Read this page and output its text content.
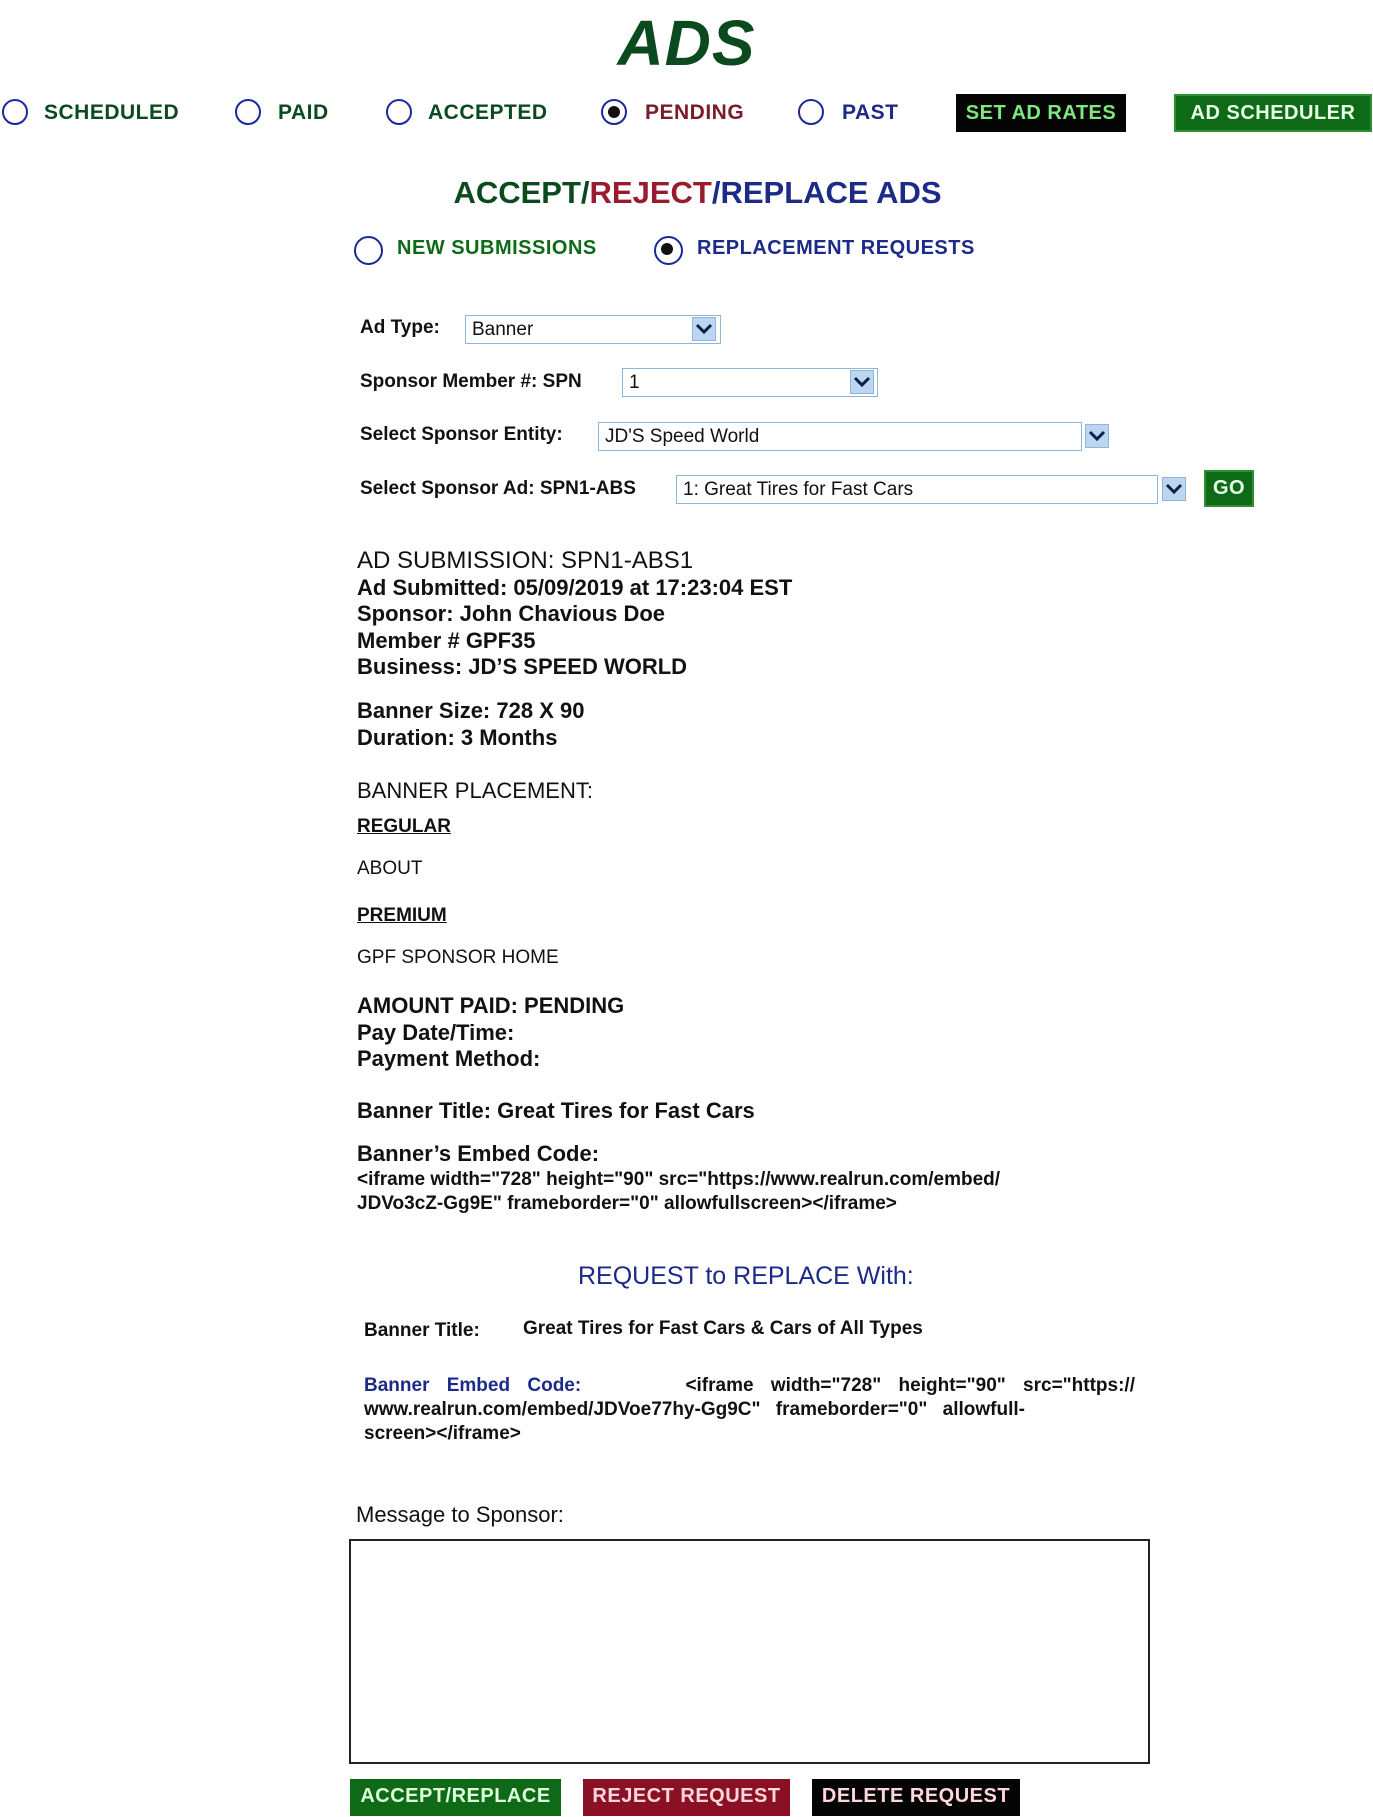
ADS
SCHEDULED	PAID	ACCEPTED	PENDING	PAST	SET AD RATES	AD SCHEDULER
ACCEPT/REJECT/REPLACE ADS
NEW SUBMISSIONS	REPLACEMENT REQUESTS
Ad Type:	Banner
Sponsor Member #: SPN	1
Select Sponsor Entity:	JD'S Speed World
Select Sponsor Ad: SPN1-ABS	1: Great Tires for Fast Cars	GO
AD SUBMISSION: SPN1-ABS1
Ad Submitted: 05/09/2019 at 17:23:04 EST
Sponsor: John Chavious Doe
Member # GPF35
Business: JD’S SPEED WORLD
Banner Size: 728 X 90
Duration: 3 Months
BANNER PLACEMENT:
REGULAR
ABOUT
PREMIUM
GPF SPONSOR HOME
AMOUNT PAID: PENDING
Pay Date/Time:
Payment Method:
Banner Title: Great Tires for Fast Cars
Banner’s Embed Code:
<iframe width="728" height="90" src="https://www.realrun.com/embed/
JDVo3cZ-Gg9E" frameborder="0" allowfullscreen></iframe>
REQUEST to REPLACE With:
Banner Title: Great Tires for Fast Cars & Cars of All Types
Banner Embed Code:	<iframe width="728" height="90" src="https://
www.realrun.com/embed/JDVoe77hy-Gg9C" frameborder="0" allowfull-
screen></iframe>
Message to Sponsor:
ACCEPT/REPLACE	REJECT REQUEST	DELETE REQUEST
